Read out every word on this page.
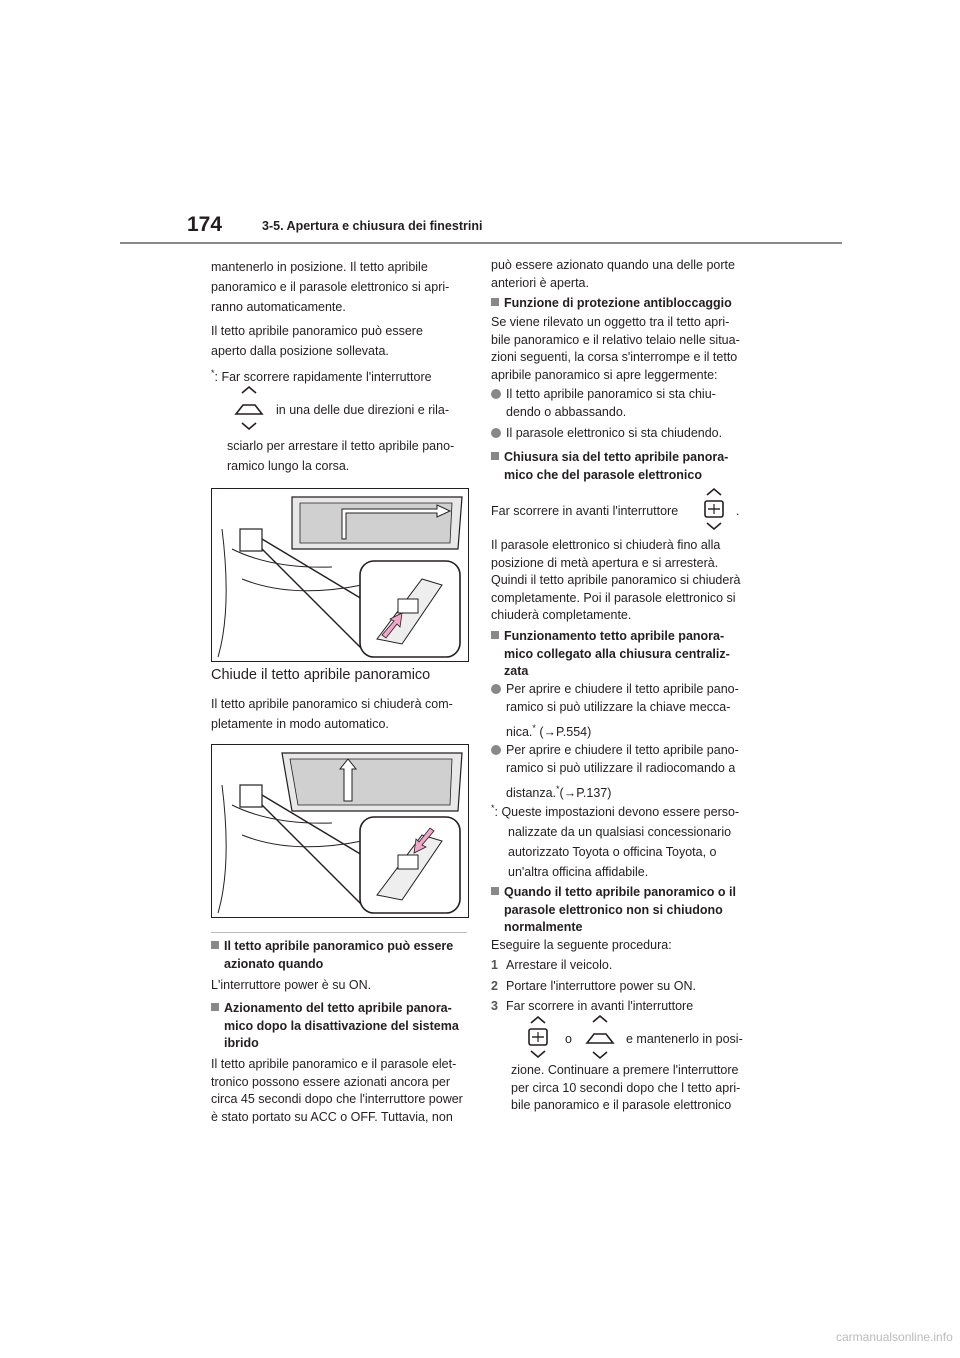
174	3-5. Apertura e chiusura dei finestrini

mantenerlo in posizione. Il tetto apribile

panoramico e il parasole elettronico si apri-

ranno automaticamente.

Il tetto apribile panoramico può essere

aperto dalla posizione sollevata.

*: Far scorrere rapidamente l'interruttore

in una delle due direzioni e rila-

sciarlo per arrestare il tetto apribile pano-

ramico lungo la corsa.

Chiude il tetto apribile panoramico

Il tetto apribile panoramico si chiuderà com-

pletamente in modo automatico.

Il tetto apribile panoramico può essere

azionato quando

L'interruttore power è su ON.

Azionamento del tetto apribile panora-

mico dopo la disattivazione del sistema

ibrido

Il tetto apribile panoramico e il parasole elet-

tronico possono essere azionati ancora per

circa 45 secondi dopo che l'interruttore power

è stato portato su ACC o OFF. Tuttavia, non

può essere azionato quando una delle porte

anteriori è aperta.

Funzione di protezione antibloccaggio

Se viene rilevato un oggetto tra il tetto apri-

bile panoramico e il relativo telaio nelle situa-

zioni seguenti, la corsa s'interrompe e il tetto

apribile panoramico si apre leggermente:

Il tetto apribile panoramico si sta chiu-

dendo o abbassando.

Il parasole elettronico si sta chiudendo.

Chiusura sia del tetto apribile panora-

mico che del parasole elettronico

Far scorrere in avanti l'interruttore	.

Il parasole elettronico si chiuderà fino alla

posizione di metà apertura e si arresterà.

Quindi il tetto apribile panoramico si chiuderà

completamente. Poi il parasole elettronico si

chiuderà completamente.

Funzionamento tetto apribile panora-

mico collegato alla chiusura centraliz-

zata

Per aprire e chiudere il tetto apribile pano-

ramico si può utilizzare la chiave mecca-

nica.* (→P.554)

Per aprire e chiudere il tetto apribile pano-

ramico si può utilizzare il radiocomando a

distanza.*(→P.137)

*: Queste impostazioni devono essere perso-

nalizzate da un qualsiasi concessionario

autorizzato Toyota o officina Toyota, o

un'altra officina affidabile.

Quando il tetto apribile panoramico o il

parasole elettronico non si chiudono

normalmente

Eseguire la seguente procedura:

1 Arrestare il veicolo.

2 Portare l'interruttore power su ON.

3 Far scorrere in avanti l'interruttore

o	e mantenerlo in posi-

zione. Continuare a premere l'interruttore

per circa 10 secondi dopo che l tetto apri-

bile panoramico e il parasole elettronico

carmanualsonline.info
